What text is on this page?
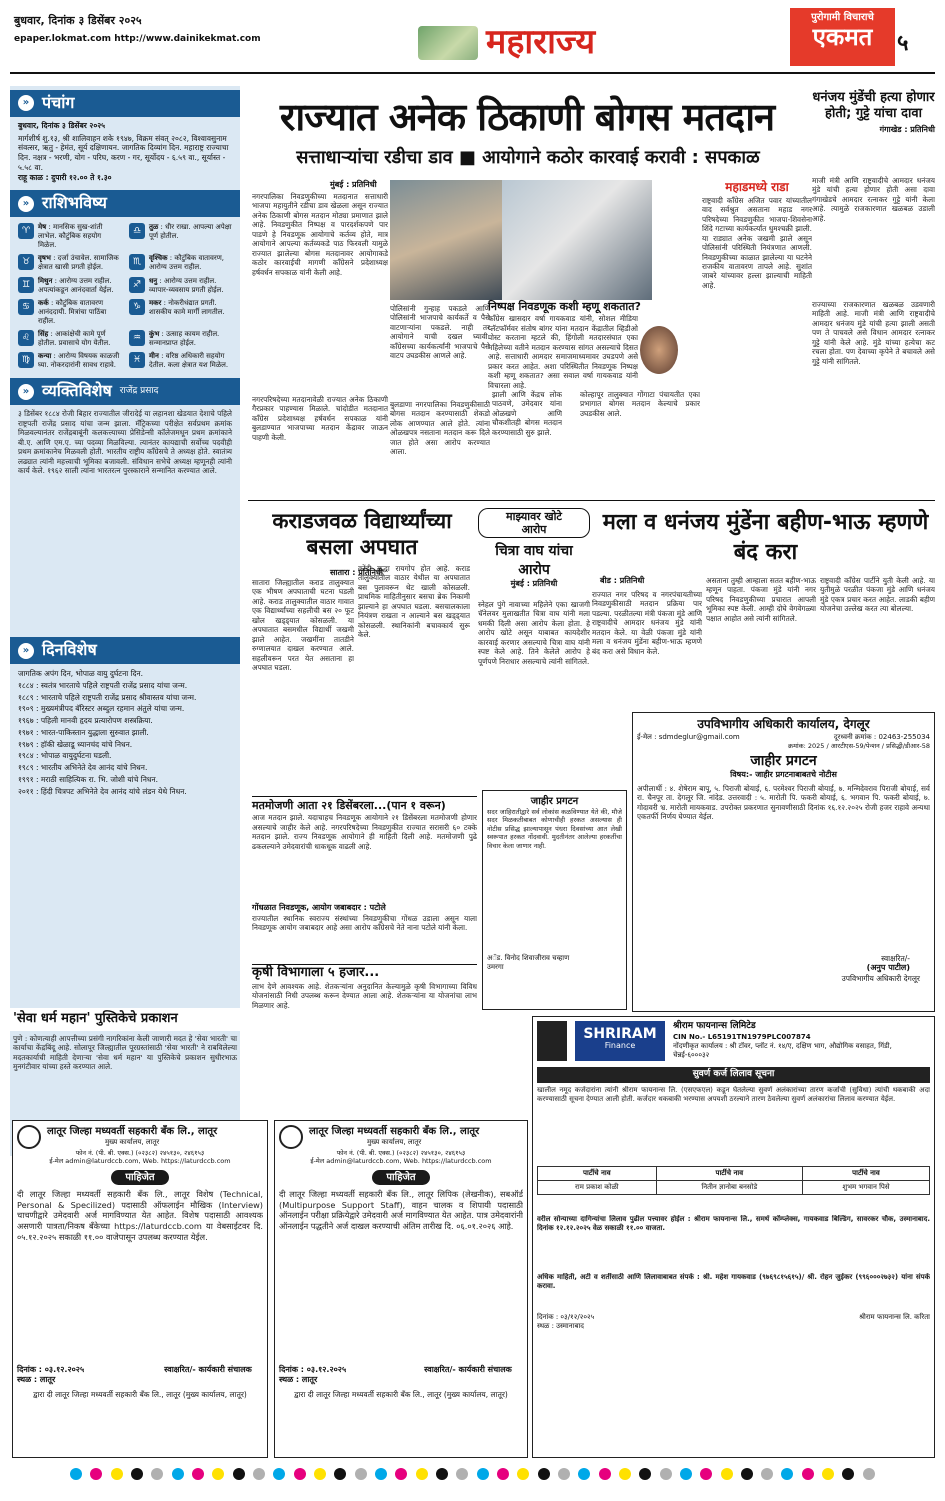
बुधवार, दिनांक ३ डिसेंबर २०२५
epaper.lokmat.com http://www.dainikekmat.com	महाराज्य
पुरोगामी विचाराचे
एकमत	५
» पंचांग
बुधवार, दिनांक ३ डिसेंबर २०२५
मार्गशीर्ष शु.१३, श्री शालिवाहन शके १९४७, विक्रम संवत् २०८२, विश्वावसुनाम संवत्सर, ऋतु - हेमंत, सूर्य दक्षिणायन. जागतिक दिव्यांग दिन. महाराष्ट्र राज्याचा दिन. नक्षत्र - भरणी, योग - परिघ, करण - गर, सूर्योदय - ६.५९ वा., सूर्यास्त - ५.५८ वा.
राहू काळ : दुपारी १२.०० ते १.३०
» राशिभविष्य
♈	मेष : मानसिक सुख-शांती लाभेल. कौटुंबिक सहयोग मिळेल.
♎	तुळ : धीर राखा. आपल्या अपेक्षा पूर्ण होतील.
♉	वृषभ : दर्जा उंचावेल. सामाजिक क्षेत्रात खासी प्रगती होईल.
♏	वृश्चिक : कौटुंबिक वातावरण, आरोग्य उत्तम राहील.
♊	मिथुन : आरोग्य उत्तम राहील. अपत्यांकडून आनंदवार्ता येईल.
♐	धनु : आरोग्य उत्तम राहील. व्यापार-व्यवसाय प्रगती होईल.
♋	कर्क : कौटुंबिक वातावरण आनंददायी. मित्रांचा पाठिंबा राहील.
♑	मकर : नोकरीधंद्यात प्रगती. शासकीय कामे मार्गी लागतील.
♌	सिंह : आकांक्षेची कामे पूर्ण होतील. प्रवासाचे योग येतील.
♒	कुंभ : उत्साह कायम राहील. सन्मानप्राप्त होईल.
♍	कन्या : आरोग्य विषयक काळजी घ्या. नोकरदारांनी सावध राहावे.
♓	मीन : वरिष्ठ अधिकारी सहयोग देतील. कला क्षेत्रात यश मिळेल.
» व्यक्तिविशेष राजेंद्र प्रसाद
३ डिसेंबर १८८४ रोजी बिहार राज्यातील जीरादेई या लहानशा खेडयात देशाचे पहिले राष्ट्रपती राजेंद्र प्रसाद यांचा जन्म झाला. मॅट्रिकच्या परीक्षेत सर्वप्रथम क्रमांक मिळवल्यानंतर राजेंद्रबाबूंनी कलकत्त्याच्या प्रेसिडेन्सी कॉलेजमधून प्रथम क्रमांकाने बी.ए. आणि एम.ए. च्या पदव्या मिळविल्या. त्यानंतर कायद्याची सर्वोच्च पदवीही प्रथम क्रमांकानेच मिळवली होती. भारतीय राष्ट्रीय काँग्रेसचे ते अध्यक्ष होते. स्वातंत्र्य लढ्यात त्यांनी महत्त्वाची भूमिका बजावली. संविधान सभेचे अध्यक्ष म्हणूनही त्यांनी कार्य केले. १९६२ साली त्यांना भारतरत्न पुरस्काराने सन्मानित करण्यात आले.
» दिनविशेष
जागतिक अपंग दिन, भोपाळ वायु दुर्घटना दिन.
१८८४ : स्वतंत्र भारताचे पहिले राष्ट्रपती राजेंद्र प्रसाद यांचा जन्म.
१८८९ : भारताचे पहिले राष्ट्रपती राजेंद्र प्रसाद श्रीवास्तव यांचा जन्म.
१९०९ : मुख्यमंत्रीपद बॅरिस्टर अब्दुल रहमान अंतुले यांचा जन्म.
१९६७ : पहिली मानवी हृदय प्रत्यारोपण शस्त्रक्रिया.
१९७१ : भारत-पाकिस्तान युद्धाला सुरुवात झाली.
१९७९ : हॉकी खेळाडू ध्यानचंद यांचे निधन.
१९८४ : भोपाळ वायुदुर्घटना घडली.
१९८९ : भारतीय अभिनेते देव आनंद यांचे निधन.
१९९१ : मराठी साहित्यिक रा. भि. जोशी यांचे निधन.
२०११ : हिंदी चित्रपट अभिनेते देव आनंद यांचे लंडन येथे निधन.
'सेवा धर्म महान' पुस्तिकेचे प्रकाशन
पुणे : कोणत्याही आपत्तीच्या प्रसंगी नागरिकांना केली जाणारी मदत हे 'सेवा भारती' चा कार्याचा केंद्रबिंदू आहे. सोलापूर जिल्ह्यातील पूरग्रस्तांसाठी 'सेवा भारती' ने राबविलेल्या मदतकार्याची माहिती देणाऱ्या 'सेवा धर्म महान' या पुस्तिकेचे प्रकाशन सुधीरभाऊ मुनगंटीवार यांच्या हस्ते करण्यात आले.
राज्यात अनेक ठिकाणी बोगस मतदान
सत्ताधाऱ्यांचा रडीचा डाव ■ आयोगाने कठोर कारवाई करावी : सपकाळ
मुंबई : प्रतिनिधी
नगरपालिका निवडणुकीच्या मतदानात सत्ताधारी भाजपा महायुतीने रडीचा डाव खेळला असून राज्यात अनेक ठिकाणी बोगस मतदान मोठ्या प्रमाणात झाले आहे. निवडणुकीत निष्पक्ष व पारदर्शकपणे पार पाडणे हे निवडणूक आयोगाचे कर्तव्य होते, मात्र आयोगाने आपल्या कर्तव्यकडे पाठ फिरवली यामुळे राज्यात झालेल्या बोगस मतदानावर आयोगाकडे कठोर कारवाईची मागणी काँग्रेसने प्रदेशाध्यक्ष हर्षवर्धन सपकाळ यांनी केली आहे.
नगरपरिषदेच्या मतदानावेळी राज्यात अनेक ठिकाणी गैरप्रकार पाहण्यास मिळाले. चांदोडीत मतदानात काँग्रेस प्रदेशाध्यक्ष हर्षवर्धन सपकाळ यांनी बुलडाण्यात भाजपाच्या मतदान केंद्रावर जाऊन पाहणी केली.
पोलिसांनी गुन्हाह पकडले आणि पोलिसांनी भाजपाचे कार्यकर्ते व पैसे वाटणाऱ्यांना पकडले. नाही तर आयोगाने याची दखल घ्यावी. काँग्रेसच्या कार्यकर्त्यांनी भाजपाचे पैसे वाटप उघडकीस आणले आहे.
बुलडाणा नगरपालिका निवडणुकीसाठी बोगस मतदान करण्यासाठी शेकडो लोक आणण्यात आले होते. त्यांना ओळखपत्र नसताना मतदान करू दिले जात होते असा आरोप करण्यात आला.
निष्पक्ष निवडणूक कशी म्हणू शकतात?
काँग्रेस खासदार वर्षा गायकवाड यांनी, सोशल मीडिया प्लॅटफॉर्मवर संतोष बांगर यांना मतदान केंद्रातील व्हिडीओ पोस्ट करताना म्हटले की, हिंगोली मतदारसंघात एका महिलेच्या वतीने मतदान करण्यास सांगत असल्याचे दिसत आहे. सत्ताधारी आमदार समाजमाध्यमावर उघडपणे असे प्रकार करत आहेत. अशा परिस्थितीत निवडणूक निष्पक्ष कशी म्हणू शकतात? असा सवाल वर्षा गायकवाड यांनी विचारला आहे.
झाली आणि केंद्रच लोक पाठवणे, उमेदवार यांना ओळखणे आणि चौकशीतही बोगस मतदान करण्यासाठी सुरु झाले.
कोल्हापूर तालुक्यात गोंगाटा पंचायतीत एका प्रभागात बोगस मतदान केल्याचे प्रकार उघडकीस आले.
महाडमध्ये राडा
राष्ट्रवादी काँग्रेस अजित पवार यांच्यातील वाद सर्वश्रुत असताना महाड नगर परिषदेच्या निवडणुकीत भाजपा-शिवसेना शिंदे गटाच्या कार्यकर्त्यांत धुमश्चक्री झाली. या राड्यात अनेक जखमी झाले असून पोलिसांनी परिस्थिती नियंत्रणात आणली. निवडणुकीच्या काळात झालेल्या या घटनेने राजकीय वातावरण तापले आहे. सुशांत जाबरे यांच्यावर हल्ला झाल्याची माहिती आहे.
धनंजय मुंडेंची हत्या होणार होती; गुट्टे यांचा दावा
गंगाखेड : प्रतिनिधी
माजी मंत्री आणि राष्ट्रवादीचे आमदार धनंजय मुंडे यांची हत्या होणार होती असा दावा गंगाखेडचे आमदार रत्नाकर गुट्टे यांनी केला आहे. त्यामुळे राजकारणात खळबळ उडाली आहे.
राज्याच्या राजकारणात खळबळ उडवणारी माहिती आहे. माजी मंत्री आणि राष्ट्रवादीचे आमदार धनंजय मुंडे यांची हत्या झाली असती पण ते पाचवले असे विधान आमदार रत्नाकर गुट्टे यांनी केले आहे. मुंडे यांच्या हत्येचा कट रचला होता. पण देवाच्या कृपेने ते बचावले असे गुट्टे यांनी सांगितले.
कराडजवळ विद्यार्थ्यांच्या बसला अपघात
सातारा : प्रतिनिधी
सातारा जिल्ह्यातील कराड तालुक्यात एक भीषण अपघाताची घटना घडली आहे. कराड तालुक्यातील वाठार गावात एक विद्यार्थ्यांच्या सहलीची बस २० फूट खोल खड्ड्यात कोसळली. या अपघातात बसमधील विद्यार्थी जखमी झाले आहेत. जखमींना तातडीने रुग्णालयात दाखल करण्यात आले. सहलीवरून परत येत असताना हा अपघात घडला.
कोंडी सुद्धा रायगोप होत आहे. कराड तालुक्यातील वाठार येथील या अपघातात बस पुलावरून थेट खाली कोसळली. प्राथमिक माहितीनुसार बसचा ब्रेक निकामी झाल्याने हा अपघात घडला. बसचालकाला नियंत्रण राखता न आल्याने बस खड्ड्यात कोसळली. स्थानिकांनी बचावकार्य सुरू केले.
माझ्यावर खोटे आरोप
चित्रा वाघ यांचा आरोप
मुंबई : प्रतिनिधी
स्नेहल पुंगे नावाच्या महिलेने एका खाजगी चॅनेलवर मुलाखतीत चित्रा वाघ यांनी मला धमकी दिली असा आरोप केला होता. हे आरोप खोटे असून याबाबत कायदेशीर कारवाई करणार असल्याचे चित्रा वाघ यांनी स्पष्ट केले आहे. तिने केलेले आरोप हे पूर्णपणे निराधार असल्याचे त्यांनी सांगितले.
मला व धनंजय मुंडेंना बहीण-भाऊ म्हणणे बंद करा
बीड : प्रतिनिधी
राज्यात नगर परिषद व नगरपंचायतीच्या निवडणुकीसाठी मतदान प्रक्रिया पार पडल्या. परळीतल्या मंत्री पंकजा मुंडे आणि राष्ट्रवादीचे आमदार धनंजय मुंडे यांनी मतदान केले. या वेळी पंकजा मुंडे यांनी मला व धनंजय मुंडेंना बहीण-भाऊ म्हणणे बंद करा असे विधान केले.
असताना तुम्ही आम्हाला सतत बहीण-भाऊ म्हणून पाहता. पंकजा मुंडे यांनी नगर परिषद निवडणुकीच्या प्रचारात आपली भूमिका स्पष्ट केली. आम्ही दोघे वेगवेगळ्या पक्षात आहोत असे त्यांनी सांगितले.
राष्ट्रवादी काँग्रेस पार्टीने युती केली आहे. या युतीमुळे परळीत पंकजा मुंडे आणि धनंजय मुंडे एकत्र प्रचार करत आहेत. लाडकी बहीण योजनेचा उल्लेख करत त्या बोलल्या.
मतमोजणी आता २१ डिसेंबरला...(पान १ वरून)
आज मतदान झाले. यदाचाहच निवडणूक आयोगाने २१ डिसेंबरला मतमोजणी होणार असल्याचे जाहीर केले आहे. नगरपरिषदेच्या निवडणुकीत राज्यात सरासरी ६० टक्के मतदान झाले. राज्य निवडणूक आयोगाने ही माहिती दिली आहे. मतमोजणी पुढे ढकलल्याने उमेदवारांची धाकधूक वाढली आहे.
गोंधळात निवडणूक, आयोग जबाबदार : पटोले
राज्यातील स्थानिक स्वराज्य संस्थांच्या निवडणुकीचा गोंधळ उडाला असून याला निवडणूक आयोग जबाबदार आहे असा आरोप काँग्रेसचे नेते नाना पटोले यांनी केला.
कृषी विभागाला ५ हजार...
लाभ देणे आवश्यक आहे. शेतकऱ्यांना अनुदानित केल्यामुळे कृषी विभागाच्या विविध योजनांसाठी निधी उपलब्ध करून देण्यात आला आहे. शेतकऱ्यांना या योजनांचा लाभ मिळणार आहे.
जाहीर प्रगटन
सदर जाहिरातीद्वारे सर्व लोकांस कळविण्यात येते की, मौजे सदर मिळकतीबाबत कोणाचीही हरकत असल्यास ही नोटीस प्रसिद्ध झाल्यापासून पंधरा दिवसांच्या आत लेखी स्वरूपात हरकत नोंदवावी. मुदतीनंतर आलेल्या हरकतींचा विचार केला जाणार नाही.
अॅड. विनोद शिवाजीराव चव्हाण
उमरगा
उपविभागीय अधिकारी कार्यालय, देगलूर
ई-मेल : sdmdeglur@gmail.com	दूरध्वनी क्रमांक : 02463-255034
क्रमांक: 2025 / आरटीएस-59/पेन्शन / प्रसिद्धी/डीआर-58
जाहीर प्रगटन
विषय:- जाहीर प्रगटनाबाबतचे नोटीस
अपीलार्थी : ४. शेषेराम बापू, ५. पिराजी बोयाई, ६. परमेश्वर पिराजी बोयाई, ७. मन्मिदेवराव पिराजी बोयाई, सर्व रा. चैनपूर ता. देगलूर जि. नांदेड. उत्तरवादी : ५. मारोती पि. फकरी बोयाई, ६. भगवान पि. फकरी बोयाई, ७. गोदावरी भ्र. मारोती मायकवाड. उपरोक्त प्रकरणात सुनावणीसाठी दिनांक १६.१२.२०२५ रोजी हजर राहावे अन्यथा एकतर्फी निर्णय घेण्यात येईल.
स्वाक्षरित/-
(अनुप पाटील)
उपविभागीय अधिकारी देगलूर
SHRIRAM
Finance
श्रीराम फायनान्स लिमिटेड
CIN No.- L65191TN1979PLC007874
नोंदणीकृत कार्यालय : श्री टॉवर, प्लॉट नं. १४/ए, दक्षिण भाग, औद्योगिक वसाहत, गिंडी, चेन्नई-६०००३२
सुवर्ण कर्ज लिलाव सूचना
खालील नमूद कर्जदारांना त्यांनी श्रीराम फायनान्स लि. (एसएफएल) कडून घेतलेल्या सुवर्ण अलंकारांच्या तारण कर्जाची (सुविधा) त्यांची थकबाकी अदा करण्यासाठी सूचना देण्यात आली होती. कर्जदार थकबाकी भरण्यास अपयशी ठरल्याने तारण ठेवलेल्या सुवर्ण अलंकारांचा लिलाव करण्यात येईल.
पार्टीचे नाव	पार्टीचे नाव	पार्टीचे नाव
राम प्रकाश कोळी	नितीन ज्ञानोबा बनसोडे	शुभम भगवान पिसे
वरील सोन्याच्या दागिन्यांचा लिलाव पुढील पत्त्यावर होईल : श्रीराम फायनान्स लि., समर्थ कॉम्प्लेक्स, गायकवाड बिल्डिंग, सावरकर चौक, उस्मानाबाद. दिनांक १२.१२.२०२५ वेळ सकाळी ११.०० वाजता.
अधिक माहिती, अटी व शर्तीसाठी आणि लिलावाबाबत संपर्क : श्री. महेश गायकवाड (९७६९८१५६१५)/ श्री. रोहन जुईकर (९९६०००२७३२) यांना संपर्क करावा.
दिनांक : ०३/१२/२०२५
स्थळ : उस्मानाबाद
श्रीराम फायनान्स लि. करिता
लातूर जिल्हा मध्यवर्ती सहकारी बँक लि., लातूर
मुख्य कार्यालय, लातूर
फोन नं. (पी. बी. एक्स.) (०२३८२) २४५१३०, २४६१५३
ई-मेल admin@laturdccb.com, Web. https://laturdccb.com
पाहिजेत
दी लातूर जिल्हा मध्यवर्ती सहकारी बँक लि., लातूर विशेष (Technical, Personal & Specilized) पदासाठी ऑफलाईन मौखिक (Interview) चाचणीद्वारे उमेदवारी अर्ज मागविण्यात येत आहेत. विशेष पदासाठी आवश्यक असणारी पात्रता/निकष बँकेच्या https://laturdccb.com या वेबसाईटवर दि. ०५.१२.२०२५ सकाळी ११.०० वाजेपासून उपलब्ध करण्यात येईल.
दिनांक : ०३.१२.२०२५
स्थळ : लातूर
स्वाक्षरित/- कार्यकारी संचालक
द्वारा दी लातूर जिल्हा मध्यवर्ती सहकारी बँक लि., लातूर (मुख्य कार्यालय, लातूर)
लातूर जिल्हा मध्यवर्ती सहकारी बँक लि., लातूर
मुख्य कार्यालय, लातूर
फोन नं. (पी. बी. एक्स.) (०२३८२) २४५१३०, २४६१५३
ई-मेल admin@laturdccb.com, Web. https://laturdccb.com
पाहिजेत
दी लातूर जिल्हा मध्यवर्ती सहकारी बँक लि., लातूर लिपिक (लेखनीक), सबऑर्ड (Multipurpose Support Staff), वाहन चालक व शिपायी पदासाठी ऑनलाईन परीक्षा प्रक्रियेद्वारे उमेदवारी अर्ज मागविण्यात येत आहेत. पात्र उमेदवारांनी ऑनलाईन पद्धतीने अर्ज दाखल करण्याची अंतिम तारीख दि. ०६.०१.२०२६ आहे.
दिनांक : ०३.१२.२०२५
स्थळ : लातूर
स्वाक्षरित/- कार्यकारी संचालक
द्वारा दी लातूर जिल्हा मध्यवर्ती सहकारी बँक लि., लातूर (मुख्य कार्यालय, लातूर)
